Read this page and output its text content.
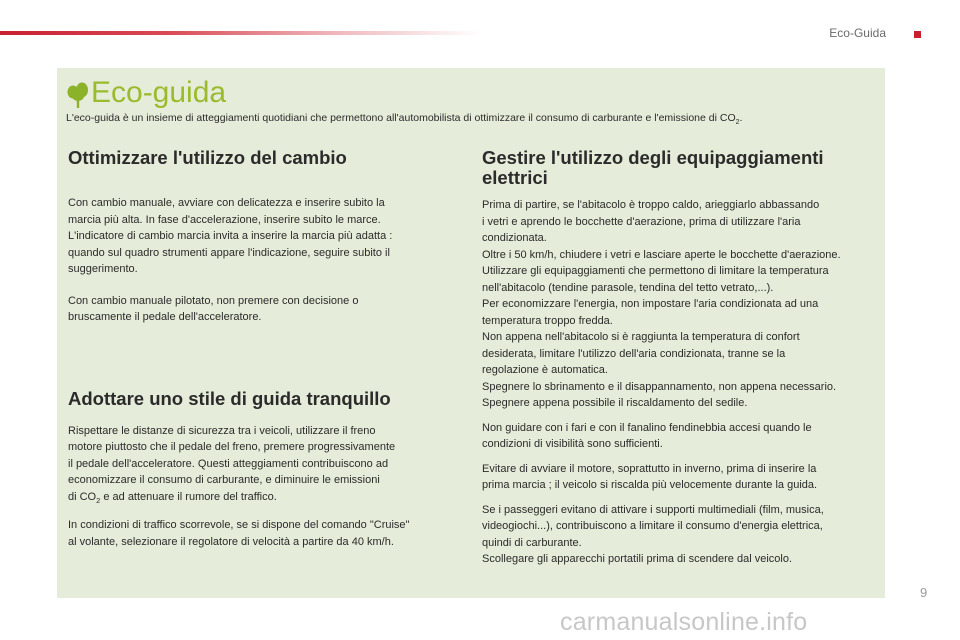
Eco-Guida
Eco-guida
L'eco-guida è un insieme di atteggiamenti quotidiani che permettono all'automobilista di ottimizzare il consumo di carburante e l'emissione di $CO_2$.
Ottimizzare l'utilizzo del cambio

Con cambio manuale, avviare con delicatezza e inserire subito la
marcia più alta. In fase d'accelerazione, inserire subito le marce.
L'indicatore di cambio marcia invita a inserire la marcia più adatta :
quando sul quadro strumenti appare l'indicazione, seguire subito il
suggerimento.

Con cambio manuale pilotato, non premere con decisione o
bruscamente il pedale dell'acceleratore.

Adottare uno stile di guida tranquillo

Rispettare le distanze di sicurezza tra i veicoli, utilizzare il freno
motore piuttosto che il pedale del freno, premere progressivamente
il pedale dell'acceleratore. Questi atteggiamenti contribuiscono ad
economizzare il consumo di carburante, e diminuire le emissioni
di $CO_2$ e ad attenuare il rumore del traffico.

In condizioni di traffico scorrevole, se si dispone del comando "Cruise"
al volante, selezionare il regolatore di velocità a partire da 40 km/h.

Gestire l'utilizzo degli equipaggiamenti
elettrici

Prima di partire, se l'abitacolo è troppo caldo, arieggiarlo abbassando
i vetri e aprendo le bocchette d'aerazione, prima di utilizzare l'aria
condizionata.
Oltre i 50 km/h, chiudere i vetri e lasciare aperte le bocchette d'aerazione.
Utilizzare gli equipaggiamenti che permettono di limitare la temperatura
nell'abitacolo (tendine parasole, tendina del tetto vetrato,...).
Per economizzare l'energia, non impostare l'aria condizionata ad una
temperatura troppo fredda.
Non appena nell'abitacolo si è raggiunta la temperatura di confort
desiderata, limitare l'utilizzo dell'aria condizionata, tranne se la
regolazione è automatica.
Spegnere lo sbrinamento e il disappannamento, non appena necessario.
Spegnere appena possibile il riscaldamento del sedile.

Non guidare con i fari e con il fanalino fendinebbia accesi quando le
condizioni di visibilità sono sufficienti.

Evitare di avviare il motore, soprattutto in inverno, prima di inserire la
prima marcia ; il veicolo si riscalda più velocemente durante la guida.

Se i passeggeri evitano di attivare i supporti multimediali (film, musica,
videogiochi...), contribuiscono a limitare il consumo d'energia elettrica,
quindi di carburante.
Scollegare gli apparecchi portatili prima di scendere dal veicolo.

9
carmanualsonline.info
